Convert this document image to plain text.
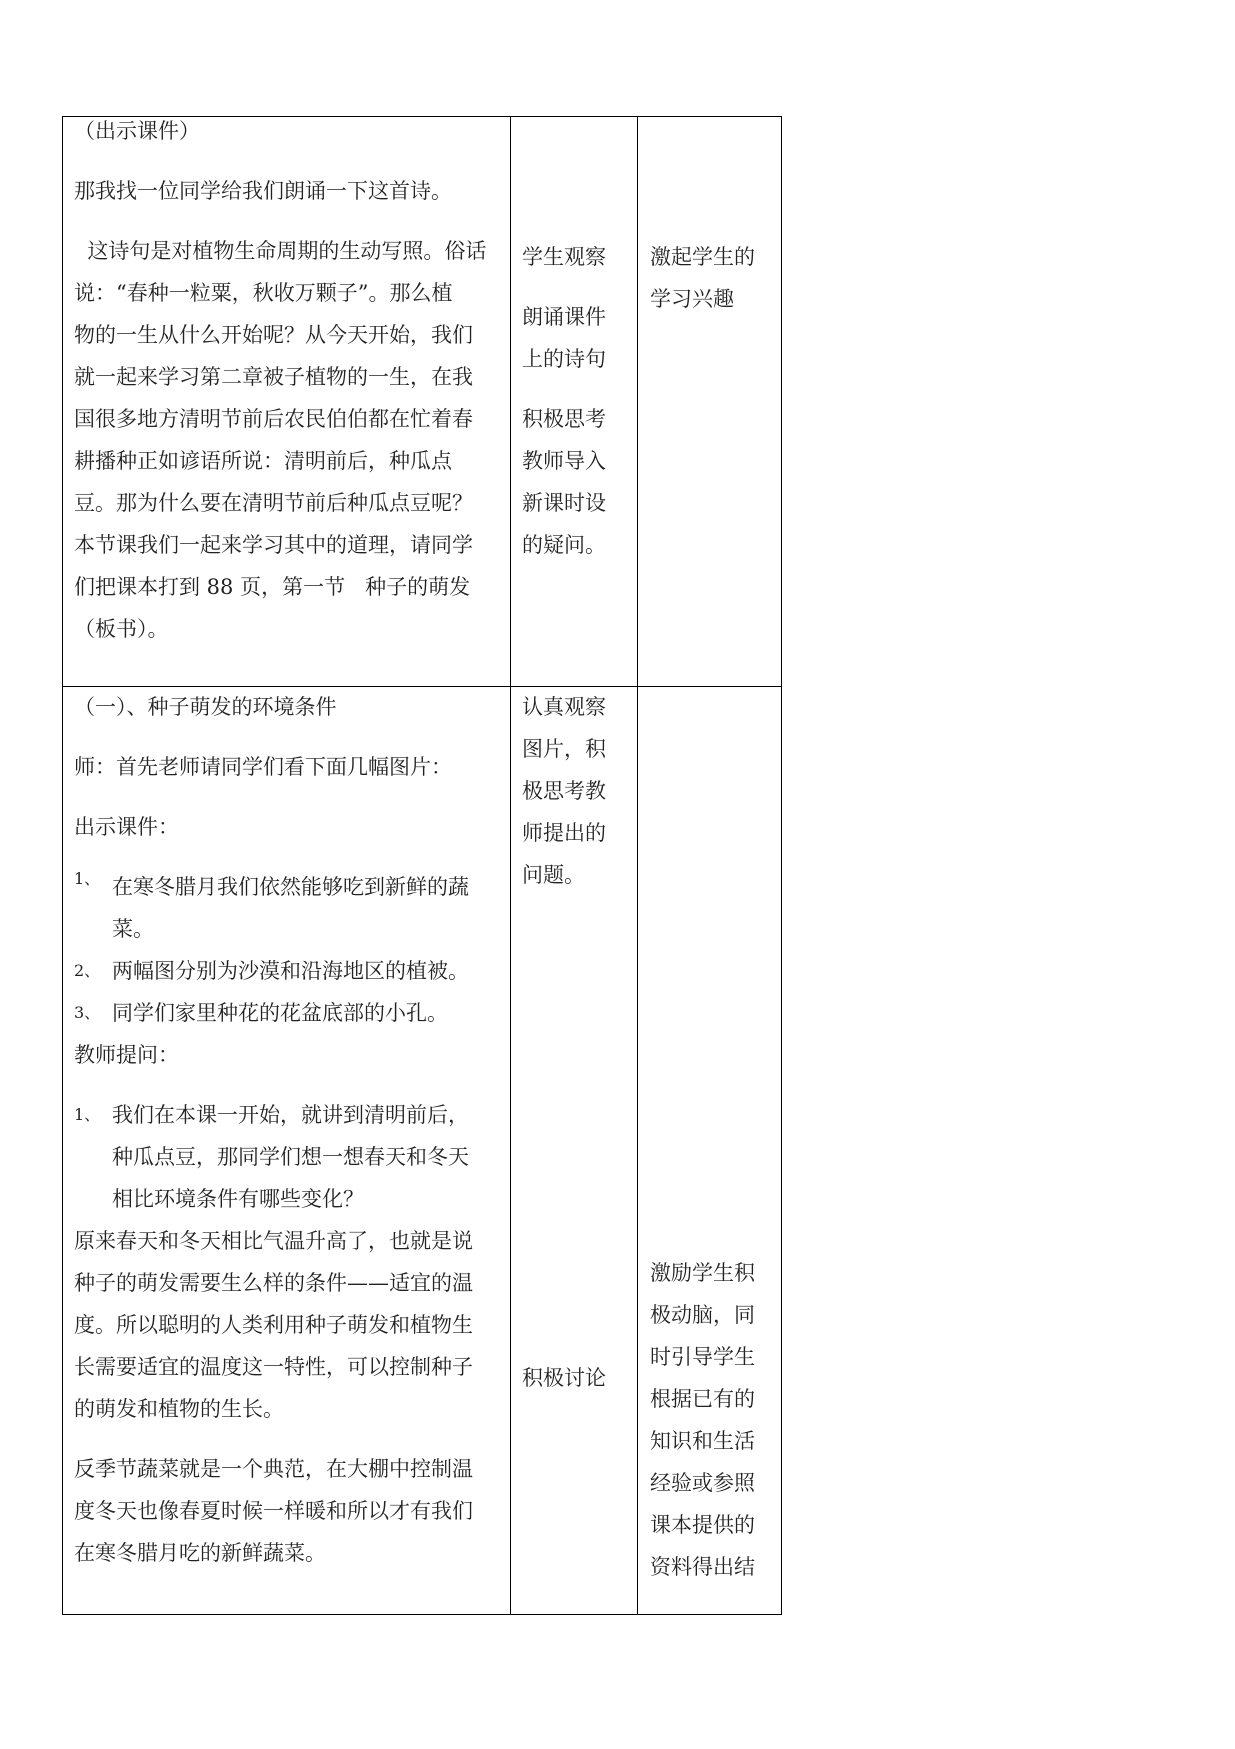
（出示课件）

那我找一位同学给我们朗诵一下这首诗。

这诗句是对植物生命周期的生动写照。俗话

说：“春种一粒粟，秋收万颗子”。那么植

物的一生从什么开始呢？从今天开始，我们

就一起来学习第二章被子植物的一生，在我

国很多地方清明节前后农民伯伯都在忙着春

耕播种正如谚语所说：清明前后，种瓜点

豆。那为什么要在清明节前后种瓜点豆呢？

本节课我们一起来学习其中的道理，请同学

们把课本打到 88 页，第一节   种子的萌发

（板书）。

学生观察

朗诵课件

上的诗句

积极思考

教师导入

新课时设

的疑问。

激起学生的

学习兴趣

（一）、种子萌发的环境条件

师：首先老师请同学们看下面几幅图片：

出示课件：

1、 在寒冬腊月我们依然能够吃到新鲜的蔬

菜。

2、 两幅图分别为沙漠和沿海地区的植被。

3、 同学们家里种花的花盆底部的小孔。

教师提问：

1、 我们在本课一开始，就讲到清明前后，

种瓜点豆，那同学们想一想春天和冬天

相比环境条件有哪些变化？

原来春天和冬天相比气温升高了，也就是说

种子的萌发需要生么样的条件——适宜的温

度。所以聪明的人类利用种子萌发和植物生

长需要适宜的温度这一特性，可以控制种子

的萌发和植物的生长。

反季节蔬菜就是一个典范，在大棚中控制温

度冬天也像春夏时候一样暖和所以才有我们

在寒冬腊月吃的新鲜蔬菜。

认真观察

图片，积

极思考教

师提出的

问题。

积极讨论

激励学生积

极动脑，同

时引导学生

根据已有的

知识和生活

经验或参照

课本提供的

资料得出结
